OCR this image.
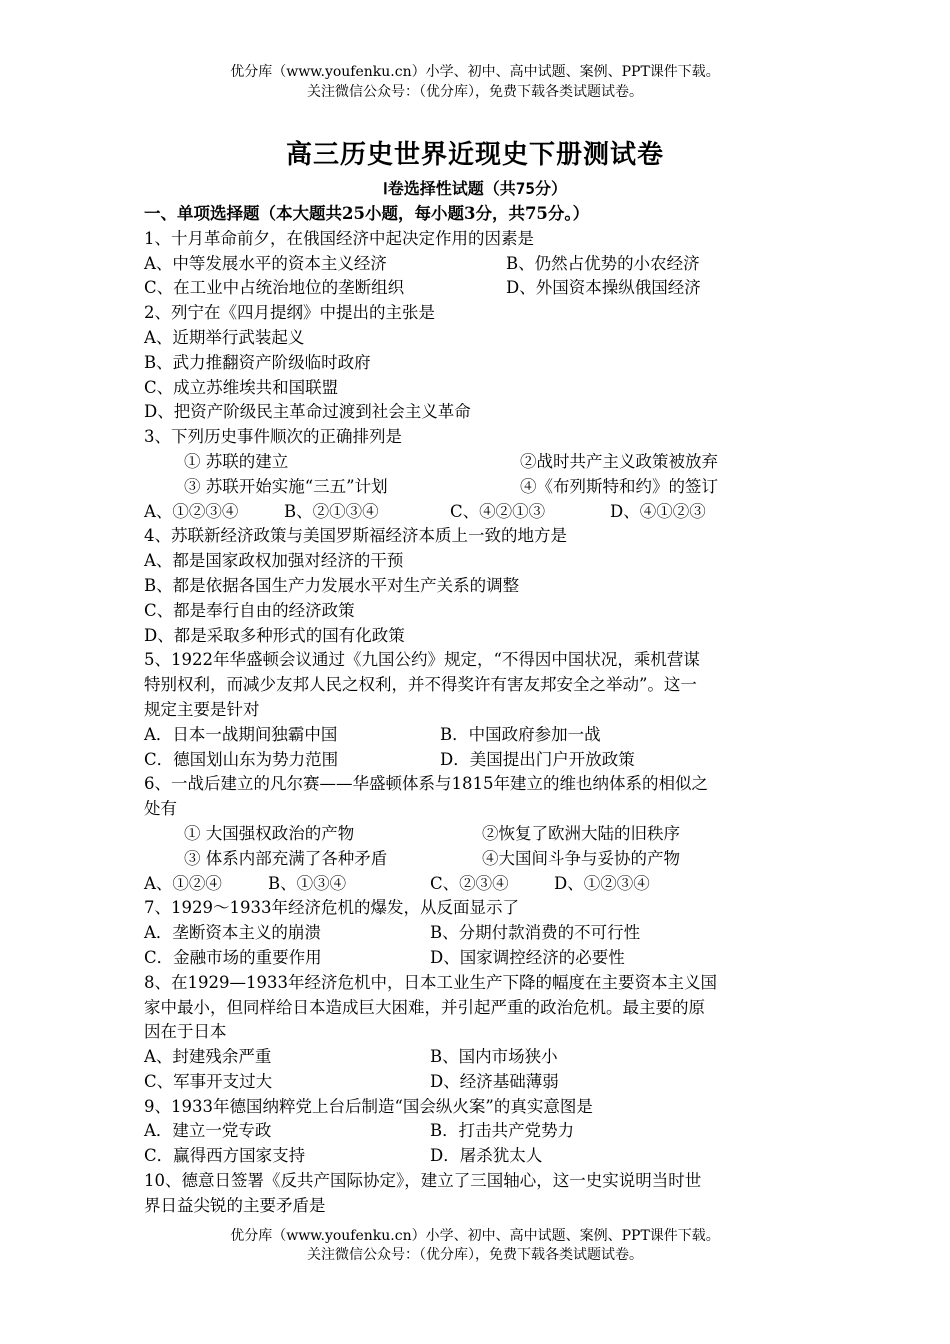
优分库（www.youfenku.cn）小学、初中、高中试题、案例、PPT课件下载。
关注微信公众号：（优分库），免费下载各类试题试卷。
高三历史世界近现史下册测试卷
Ⅰ卷选择性试题（共75分）
一、单项选择题（本大题共25小题，每小题3分，共75分。）
1、十月革命前夕，在俄国经济中起决定作用的因素是
A、中等发展水平的资本主义经济	B、仍然占优势的小农经济
C、在工业中占统治地位的垄断组织	D、外国资本操纵俄国经济
2、列宁在《四月提纲》中提出的主张是
A、近期举行武装起义
B、武力推翻资产阶级临时政府
C、成立苏维埃共和国联盟
D、把资产阶级民主革命过渡到社会主义革命
3、下列历史事件顺次的正确排列是
① 苏联的建立	②战时共产主义政策被放弃
③ 苏联开始实施“三五”计划	④《布列斯特和约》的签订
A、①②③④	B、②①③④	C、④②①③	D、④①②③
4、苏联新经济政策与美国罗斯福经济本质上一致的地方是
A、都是国家政权加强对经济的干预
B、都是依据各国生产力发展水平对生产关系的调整
C、都是奉行自由的经济政策
D、都是采取多种形式的国有化政策
5、1922年华盛顿会议通过《九国公约》规定，“不得因中国状况，乘机营谋
特别权利，而减少友邦人民之权利，并不得奖许有害友邦安全之举动”。这一
规定主要是针对
A．日本一战期间独霸中国	B．中国政府参加一战
C．德国划山东为势力范围	D．美国提出门户开放政策
6、一战后建立的凡尔赛——华盛顿体系与1815年建立的维也纳体系的相似之
处有
① 大国强权政治的产物	②恢复了欧洲大陆的旧秩序
③ 体系内部充满了各种矛盾	④大国间斗争与妥协的产物
A、①②④	B、①③④	C、②③④	D、①②③④
7、1929～1933年经济危机的爆发，从反面显示了
A．垄断资本主义的崩溃	B、分期付款消费的不可行性
C．金融市场的重要作用	D、国家调控经济的必要性
8、在1929—1933年经济危机中，日本工业生产下降的幅度在主要资本主义国
家中最小，但同样给日本造成巨大困难，并引起严重的政治危机。最主要的原
因在于日本
A、封建残余严重	B、国内市场狭小
C、军事开支过大	D、经济基础薄弱
9、1933年德国纳粹党上台后制造“国会纵火案”的真实意图是
A．建立一党专政	B．打击共产党势力
C．赢得西方国家支持	D．屠杀犹太人
10、德意日签署《反共产国际协定》，建立了三国轴心，这一史实说明当时世
界日益尖锐的主要矛盾是
优分库（www.youfenku.cn）小学、初中、高中试题、案例、PPT课件下载。
关注微信公众号：（优分库），免费下载各类试题试卷。
